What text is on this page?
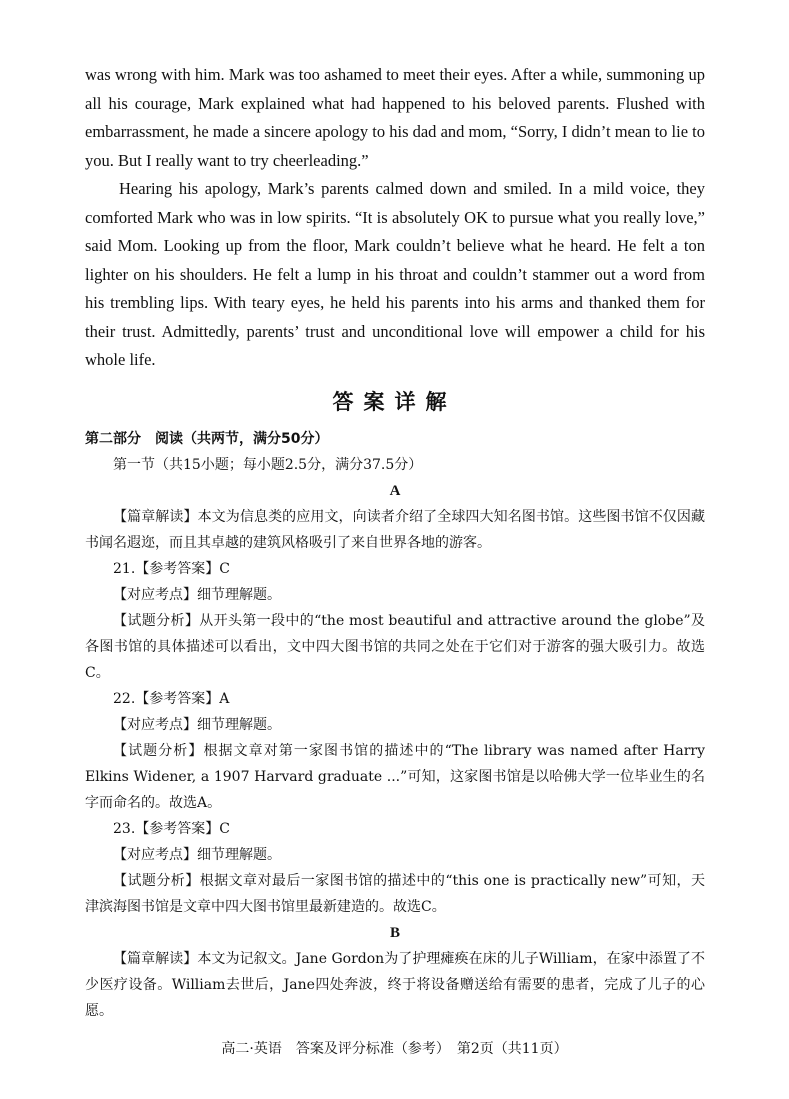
was wrong with him. Mark was too ashamed to meet their eyes. After a while, summoning up all his courage, Mark explained what had happened to his beloved parents. Flushed with embarrassment, he made a sincere apology to his dad and mom, “Sorry, I didn’t mean to lie to you. But I really want to try cheerleading.”

Hearing his apology, Mark’s parents calmed down and smiled. In a mild voice, they comforted Mark who was in low spirits. “It is absolutely OK to pursue what you really love,” said Mom. Looking up from the floor, Mark couldn’t believe what he heard. He felt a ton lighter on his shoulders. He felt a lump in his throat and couldn’t stammer out a word from his trembling lips. With teary eyes, he held his parents into his arms and thanked them for their trust. Admittedly, parents’ trust and unconditional love will empower a child for his whole life.

答案详解

第二部分　阅读（共两节，满分50分）

第一节（共15小题；每小题2.5分，满分37.5分）

A

【篇章解读】本文为信息类的应用文，向读者介绍了全球四大知名图书馆。这些图书馆不仅因藏书闻名遐迩，而且其卓越的建筑风格吸引了来自世界各地的游客。

21.【参考答案】C

【对应考点】细节理解题。

【试题分析】从开头第一段中的“the most beautiful and attractive around the globe”及各图书馆的具体描述可以看出，文中四大图书馆的共同之处在于它们对于游客的强大吸引力。故选C。

22.【参考答案】A

【对应考点】细节理解题。

【试题分析】根据文章对第一家图书馆的描述中的“The library was named after Harry Elkins Widener, a 1907 Harvard graduate ...”可知，这家图书馆是以哈佛大学一位毕业生的名字而命名的。故选A。

23.【参考答案】C

【对应考点】细节理解题。

【试题分析】根据文章对最后一家图书馆的描述中的“this one is practically new”可知，天津滨海图书馆是文章中四大图书馆里最新建造的。故选C。

B

【篇章解读】本文为记叙文。Jane Gordon为了护理瘫痪在床的儿子William，在家中添置了不少医疗设备。William去世后，Jane四处奔波，终于将设备赠送给有需要的患者，完成了儿子的心愿。

高二·英语　答案及评分标准（参考）　第2页（共11页）
